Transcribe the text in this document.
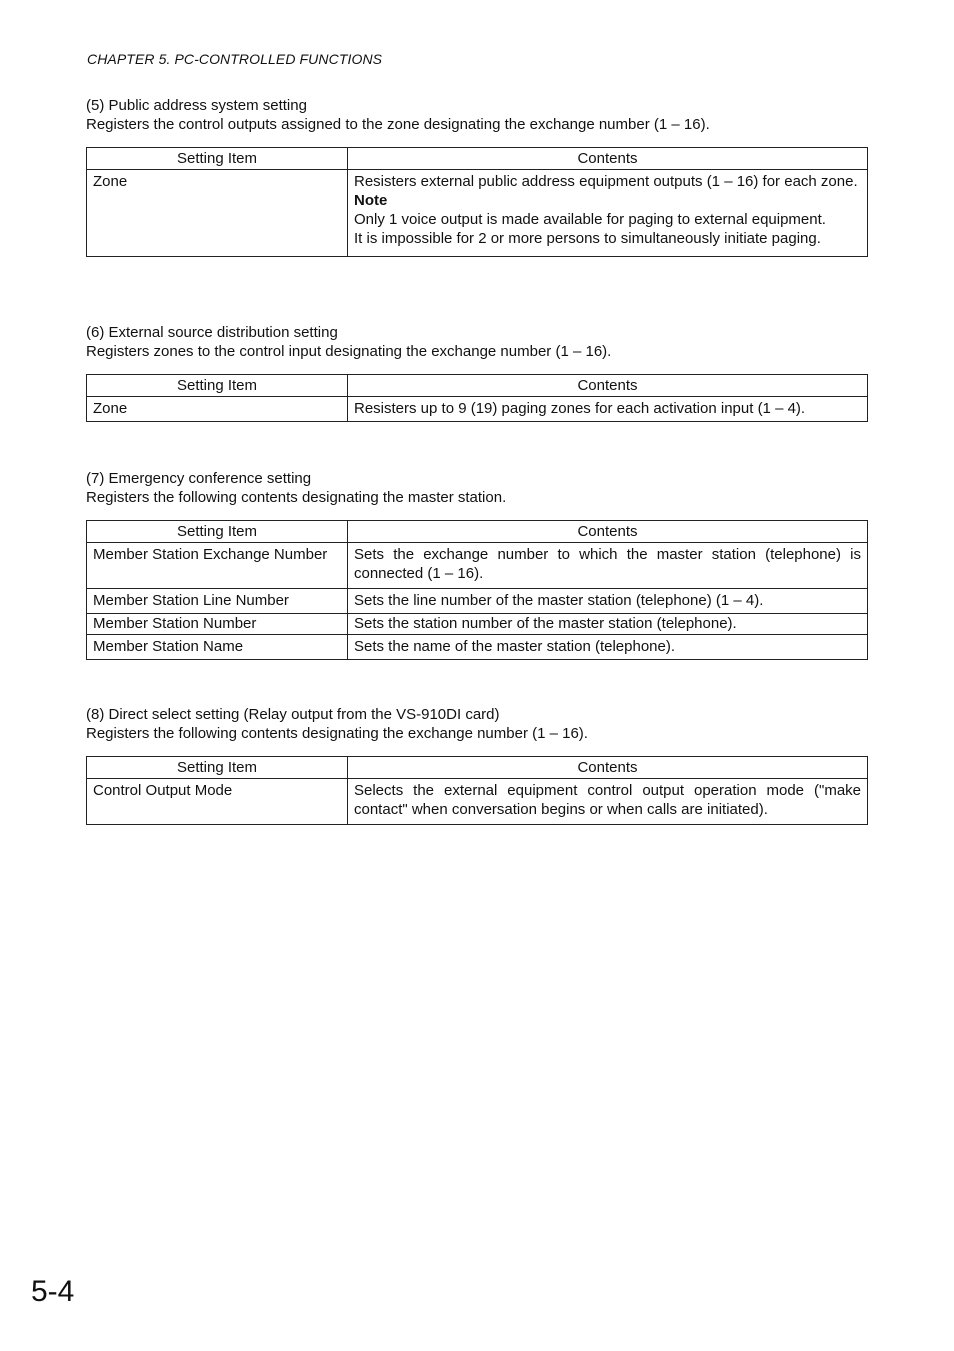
CHAPTER 5. PC-CONTROLLED FUNCTIONS
(5) Public address system setting
Registers the control outputs assigned to the zone designating the exchange number (1 – 16).
Setting Item	Contents
Zone	Resisters external public address equipment outputs (1 – 16) for each zone.
Note
Only 1 voice output is made available for paging to external equipment.
It is impossible for 2 or more persons to simultaneously initiate paging.
(6) External source distribution setting
Registers zones to the control input designating the exchange number (1 – 16).
Setting Item	Contents
Zone	Resisters up to 9 (19) paging zones for each activation input (1 – 4).
(7) Emergency conference setting
Registers the following contents designating the master station.
Setting Item	Contents
Member Station Exchange Number	Sets the exchange number to which the master station (telephone) is connected (1 – 16).
Member Station Line Number	Sets the line number of the master station (telephone) (1 – 4).
Member Station Number	Sets the station number of the master station (telephone).
Member Station Name	Sets the name of the master station (telephone).
(8) Direct select setting (Relay output from the VS-910DI card)
Registers the following contents designating the exchange number (1 – 16).
Setting Item	Contents
Control Output Mode	Selects the external equipment control output operation mode ("make contact" when conversation begins or when calls are initiated).
5-4
